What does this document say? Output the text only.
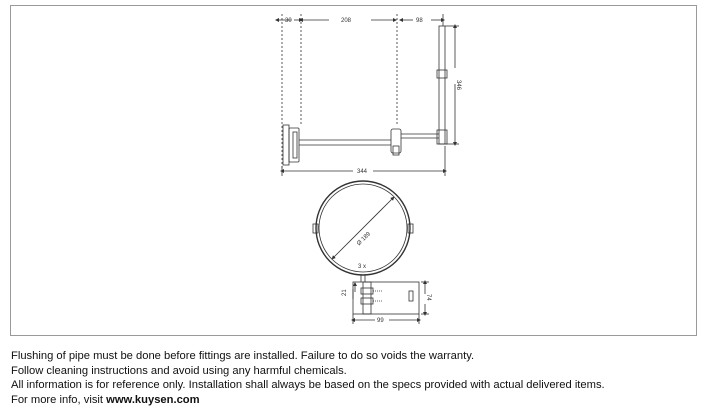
30	208	98
346
344
Ø 189
3 x
74
21
99

Flushing of pipe must be done before fittings are installed. Failure to do so voids the warranty.

Follow cleaning instructions and avoid using any harmful chemicals.

All information is for reference only. Installation shall always be based on the specs provided with actual delivered items.

For more info, visit www.kuysen.com
